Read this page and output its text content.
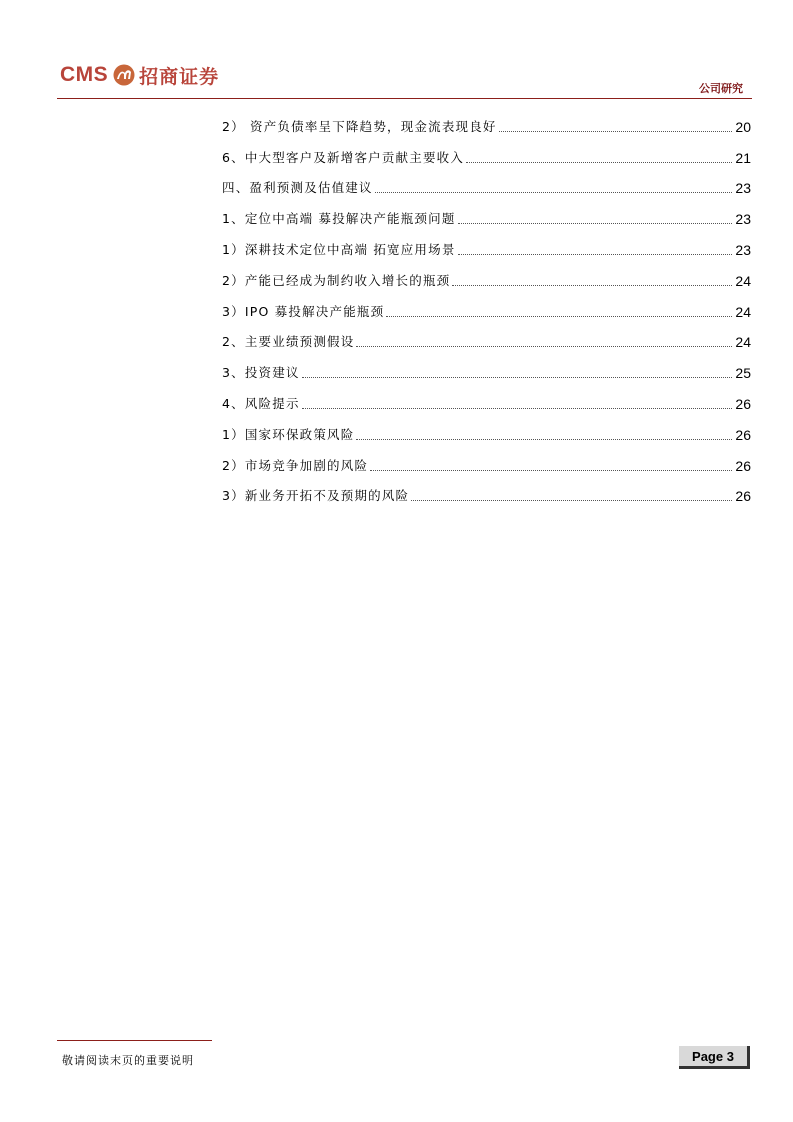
CMS 招商证券
公司研究
2） 资产负债率呈下降趋势，现金流表现良好	20
6、中大型客户及新增客户贡献主要收入	21
四、盈利预测及估值建议	23
1、定位中高端 募投解决产能瓶颈问题	23
1）深耕技术定位中高端 拓宽应用场景	23
2）产能已经成为制约收入增长的瓶颈	24
3）IPO 募投解决产能瓶颈	24
2、主要业绩预测假设	24
3、投资建议	25
4、风险提示	26
1）国家环保政策风险	26
2）市场竞争加剧的风险	26
3）新业务开拓不及预期的风险	26
敬请阅读末页的重要说明	Page 3
